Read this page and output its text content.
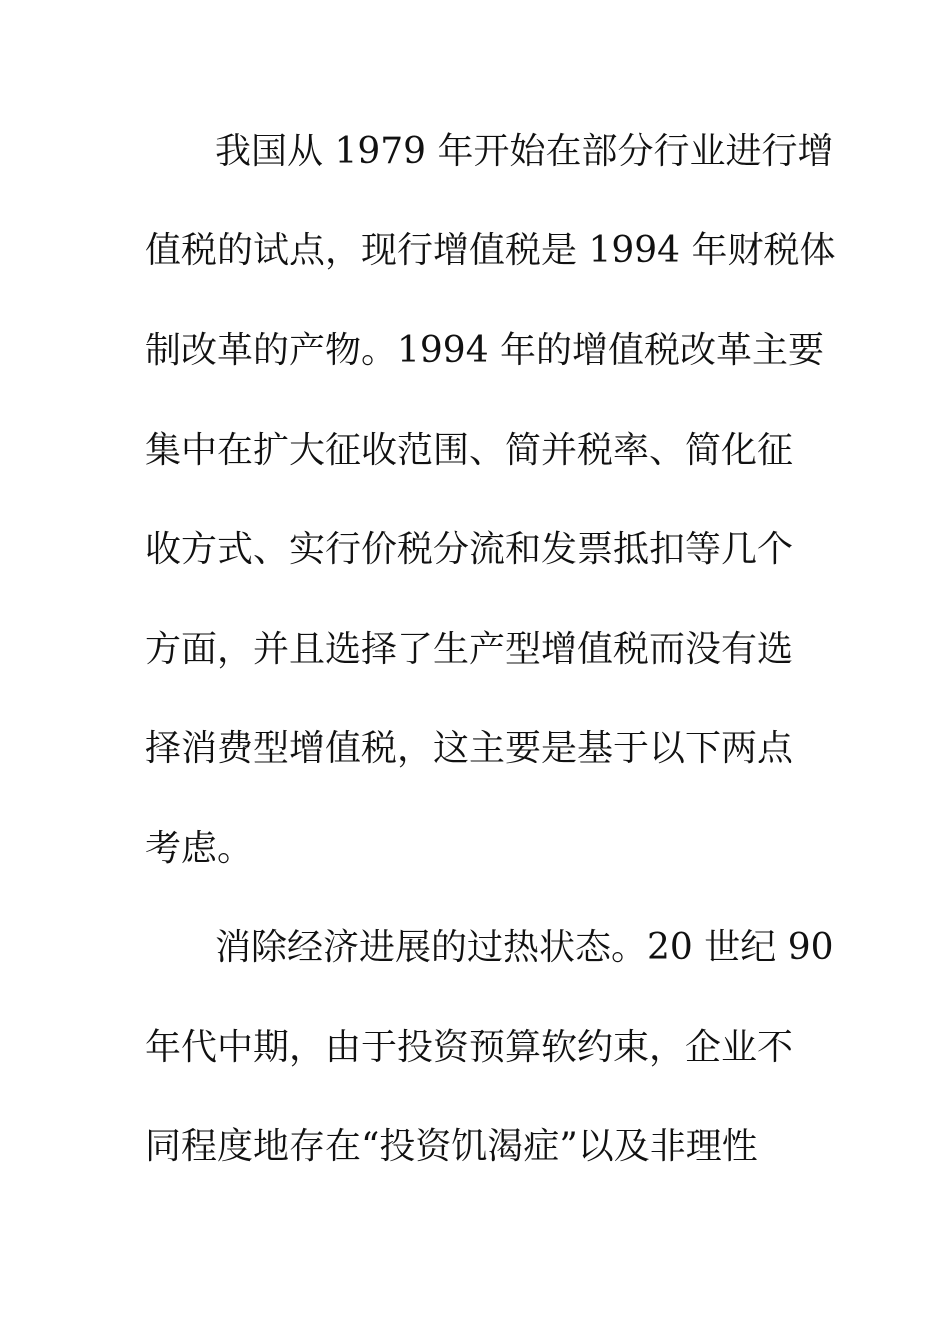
我国从 1979 年开始在部分行业进行增
值税的试点，现行增值税是 1994 年财税体
制改革的产物。1994 年的增值税改革主要
集中在扩大征收范围、简并税率、简化征
收方式、实行价税分流和发票抵扣等几个
方面，并且选择了生产型增值税而没有选
择消费型增值税，这主要是基于以下两点
考虑。
消除经济进展的过热状态。20 世纪 90
年代中期，由于投资预算软约束，企业不
同程度地存在“投资饥渴症”以及非理性
